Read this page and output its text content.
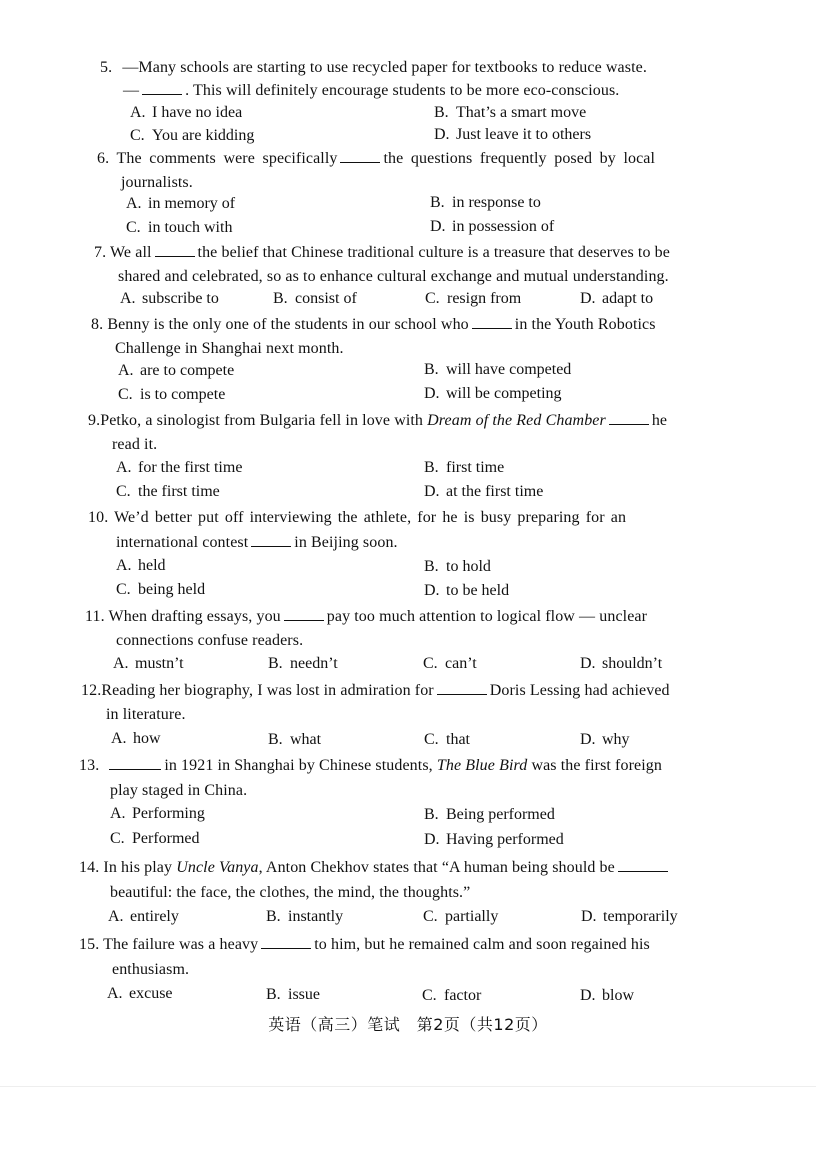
5. —Many schools are starting to use recycled paper for textbooks to reduce waste.
—	. This will definitely encourage students to be more eco-conscious.
A. I have no idea	B. That’s a smart move
C. You are kidding	D. Just leave it to others
6. The comments were specifically	the questions frequently posed by local
journalists.
A. in memory of	B. in response to
C. in touch with	D. in possession of
7. We all	the belief that Chinese traditional culture is a treasure that deserves to be
shared and celebrated, so as to enhance cultural exchange and mutual understanding.
A. subscribe to	B. consist of	C. resign from	D. adapt to
8. Benny is the only one of the students in our school who	in the Youth Robotics
Challenge in Shanghai next month.
A. are to compete	B. will have competed
C. is to compete	D. will be competing
9.Petko, a sinologist from Bulgaria fell in love with Dream of the Red Chamber	he
read it.
A. for the first time	B. first time
C. the first time	D. at the first time
10. We’d better put off interviewing the athlete, for he is busy preparing for an
international contest	in Beijing soon.
A. held	B. to hold
C. being held	D. to be held
11. When drafting essays, you	pay too much attention to logical flow — unclear
connections confuse readers.
A. mustn’t	B. needn’t	C. can’t	D. shouldn’t
12.Reading her biography, I was lost in admiration for	Doris Lessing had achieved
in literature.
A. how	B. what	C. that	D. why
13.	in 1921 in Shanghai by Chinese students, The Blue Bird was the first foreign
play staged in China.
A. Performing	B. Being performed
C. Performed	D. Having performed
14. In his play Uncle Vanya, Anton Chekhov states that “A human being should be
beautiful: the face, the clothes, the mind, the thoughts.”
A. entirely	B. instantly	C. partially	D. temporarily
15. The failure was a heavy	to him, but he remained calm and soon regained his
enthusiasm.
A. excuse	B. issue	C. factor	D. blow
英语（高三）笔试　第2页（共12页）
